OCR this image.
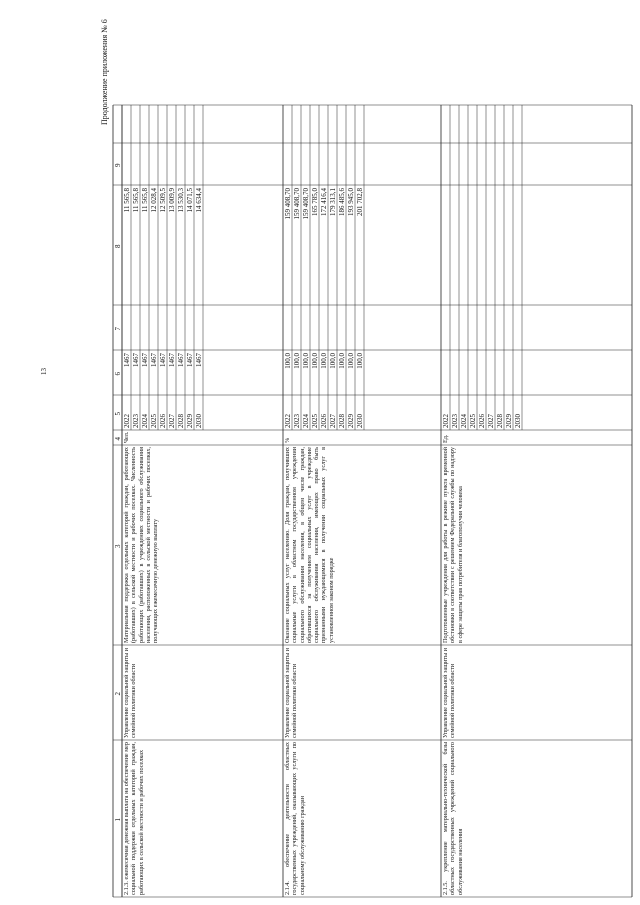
Продолжение приложения № 6
13
1
2
3
4
5
6
7
8
9
2.1.3. ежемесячная денежная выплата на обеспечение мер социальной поддержки отдельных категорий граждан, работающих в сельской местности и рабочих поселках
Управление социальной защиты и семейной политики области
Материальная поддержка отдельных категорий граждан, работающих (работавших) в сельской местности и рабочих поселках. Численность работающих (работавших) в учреждениях социального обслуживания населения, расположенных в сельской местности и рабочих поселках, получающих ежемесячную денежную выплату
Чел.
2022
1467
11 565,8
2023
1467
11 565,8
2024
1467
11 565,8
2025
1467
12 028,4
2026
1467
12 509,5
2027
1467
13 009,9
2028
1467
13 530,3
2029
1467
14 071,5
2030
1467
14 634,4
2.1.4. обеспечение деятельности областных государственных учреждений, оказывающих услуги по социальному обслуживанию граждан
Управление социальной защиты и семейной политики области
Оказание социальных услуг населению. Доля граждан, получивших социальные услуги в областном государственном учреждении социального обслуживания населения, в общем числе граждан, обратившихся за получением социальных услуг в учреждение социального обслуживания населения, имеющих право быть признанными нуждающимися в получении социальных услуг в установленном законом порядке
%
2022
100,0
159 408,70
2023
100,0
159 408,70
2024
100,0
159 408,70
2025
100,0
165 785,0
2026
100,0
172 416,4
2027
100,0
179 313,1
2028
100,0
186 485,6
2029
100,0
193 945,0
2030
100,0
201 702,8
2.1.5. укрепление материально-технической базы областных государственных учреждений социального обслуживания населения
Управление социальной защиты и семейной политики области
Подготовленные учреждения для работы в режиме пункта временной обстановки в соответствии с решением Федеральной службы по надзору в сфере защиты прав потребителя и благополучия человека
Ед.
2022 2023 2024 2025 2026 2027 2028 2029 2030
